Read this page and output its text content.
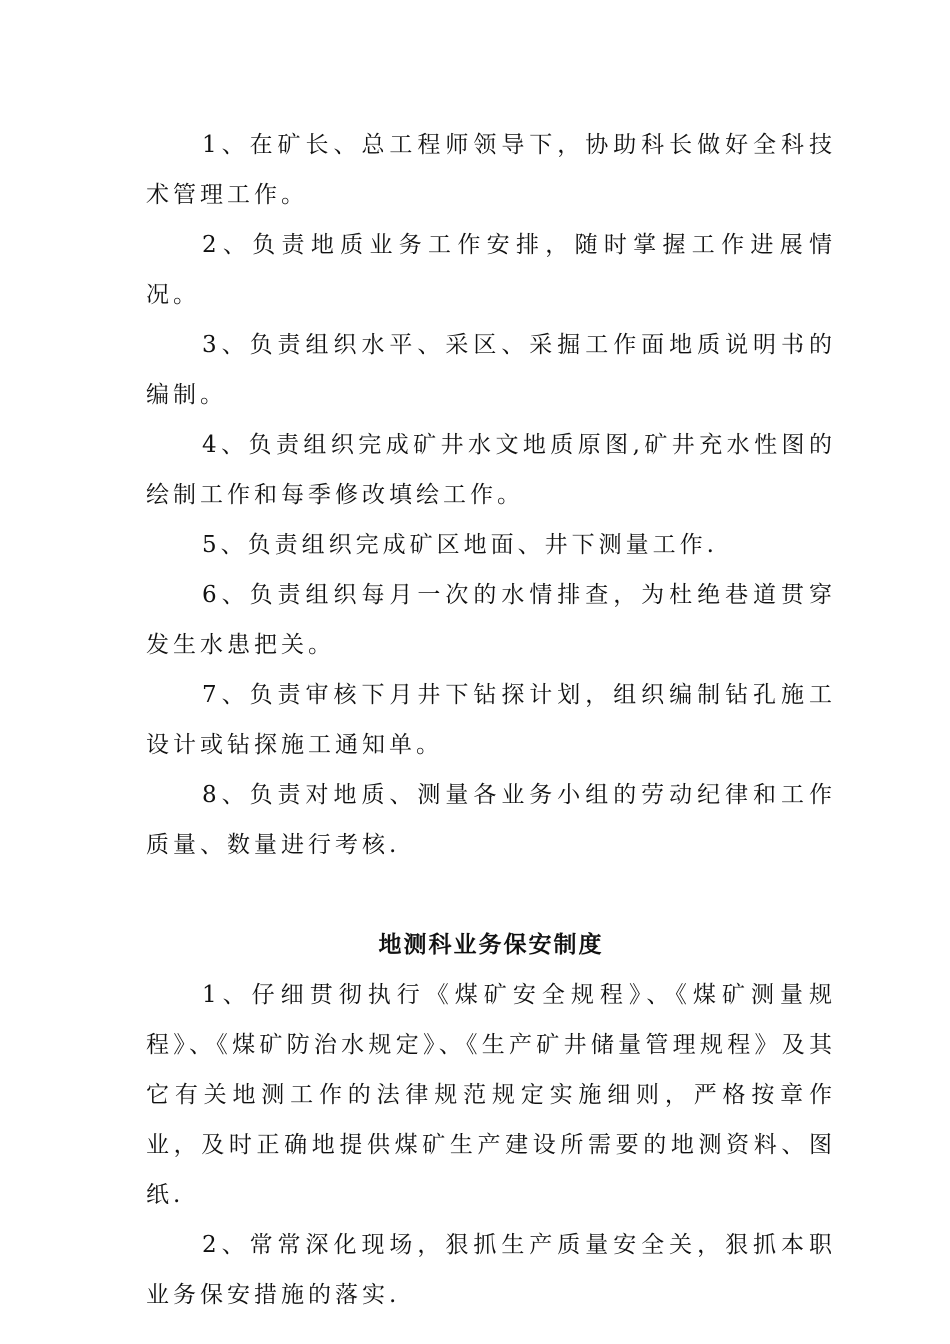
1、在矿长、总工程师领导下，协助科长做好全科技术管理工作。

2、负责地质业务工作安排，随时掌握工作进展情况。

3、负责组织水平、采区、采掘工作面地质说明书的编制。

4、负责组织完成矿井水文地质原图,矿井充水性图的绘制工作和每季修改填绘工作。

5、负责组织完成矿区地面、井下测量工作.

6、负责组织每月一次的水情排查，为杜绝巷道贯穿发生水患把关。

7、负责审核下月井下钻探计划，组织编制钻孔施工设计或钻探施工通知单。

8、负责对地质、测量各业务小组的劳动纪律和工作质量、数量进行考核.

地测科业务保安制度

1、仔细贯彻执行《煤矿安全规程》、《煤矿测量规程》、《煤矿防治水规定》、《生产矿井储量管理规程》及其它有关地测工作的法律规范规定实施细则，严格按章作业，及时正确地提供煤矿生产建设所需要的地测资料、图纸.

2、常常深化现场，狠抓生产质量安全关，狠抓本职业务保安措施的落实.
